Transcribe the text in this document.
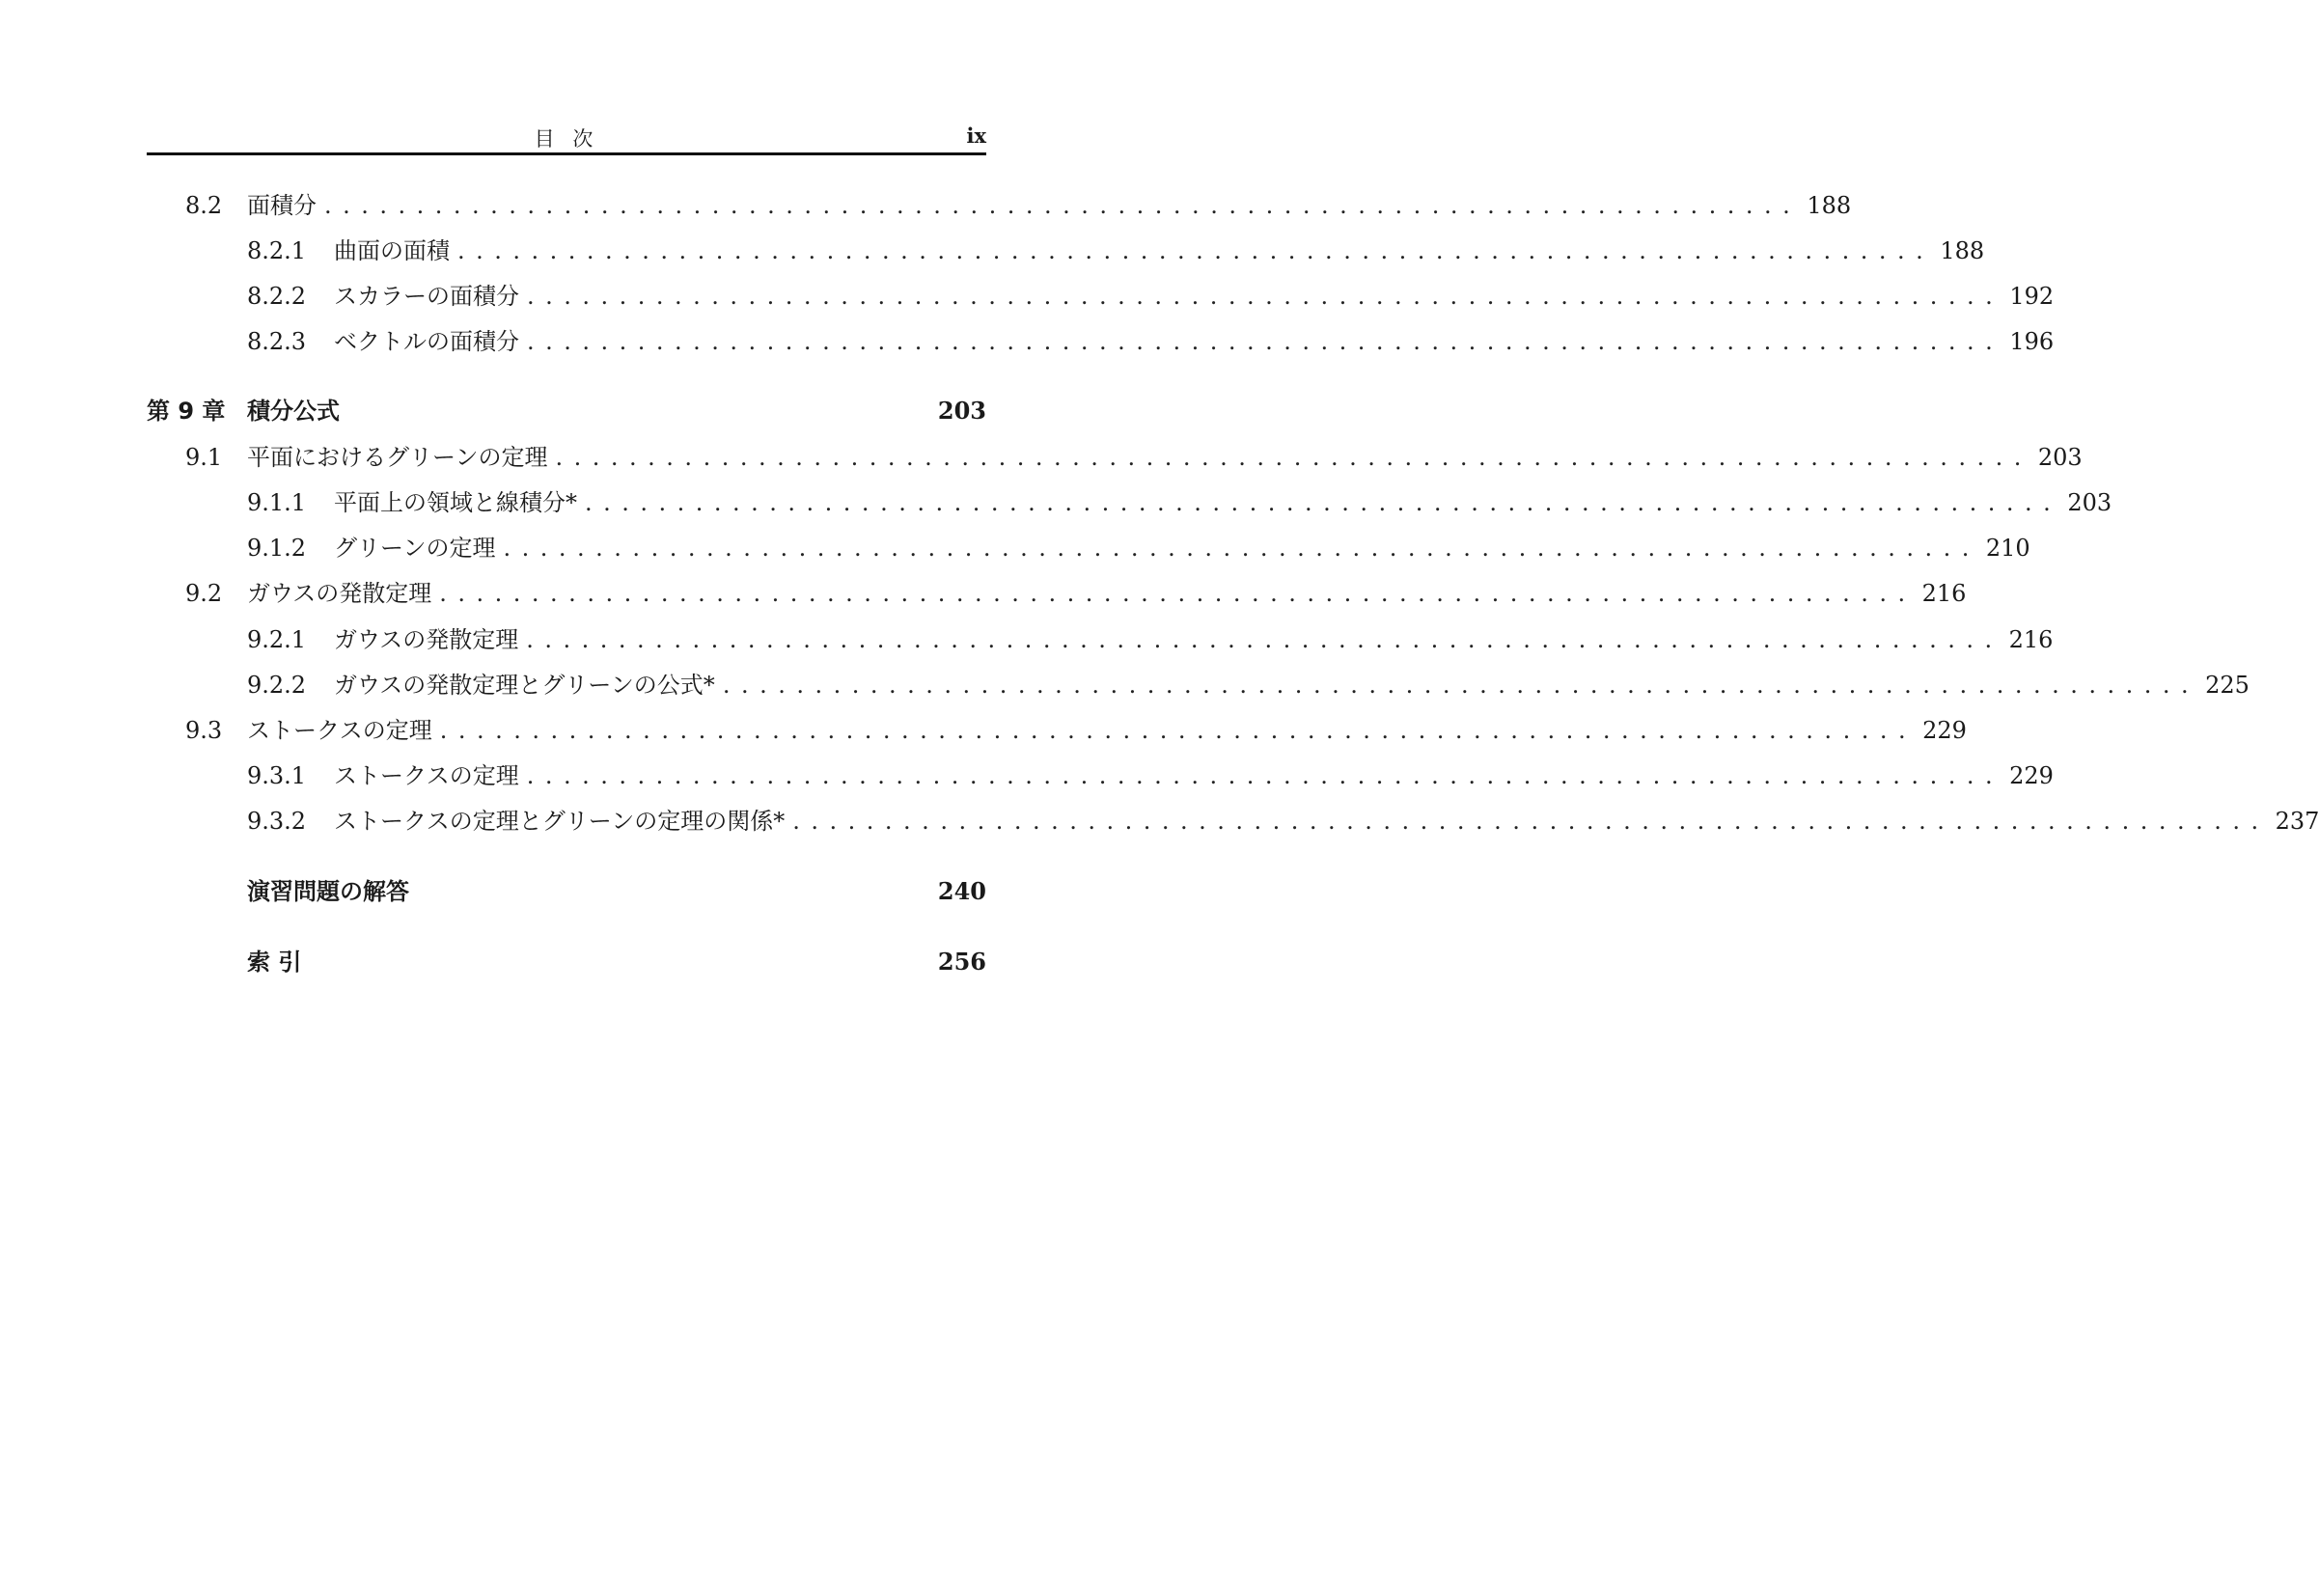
目 次	ix
8.2	面積分 ................................................................................ 188
8.2.1	曲面の面積 ................................................................................ 188
8.2.2	スカラーの面積分 ................................................................................ 192
8.2.3	ベクトルの面積分 ................................................................................ 196
第 9 章 積分公式	203
9.1	平面におけるグリーンの定理 ................................................................................ 203
9.1.1	平面上の領域と線積分* ................................................................................ 203
9.1.2	グリーンの定理 ................................................................................ 210
9.2	ガウスの発散定理 ................................................................................ 216
9.2.1	ガウスの発散定理 ................................................................................ 216
9.2.2	ガウスの発散定理とグリーンの公式* ................................................................................ 225
9.3	ストークスの定理 ................................................................................ 229
9.3.1	ストークスの定理 ................................................................................ 229
9.3.2	ストークスの定理とグリーンの定理の関係* ................................................................................ 237
演習問題の解答	240
索 引	256
